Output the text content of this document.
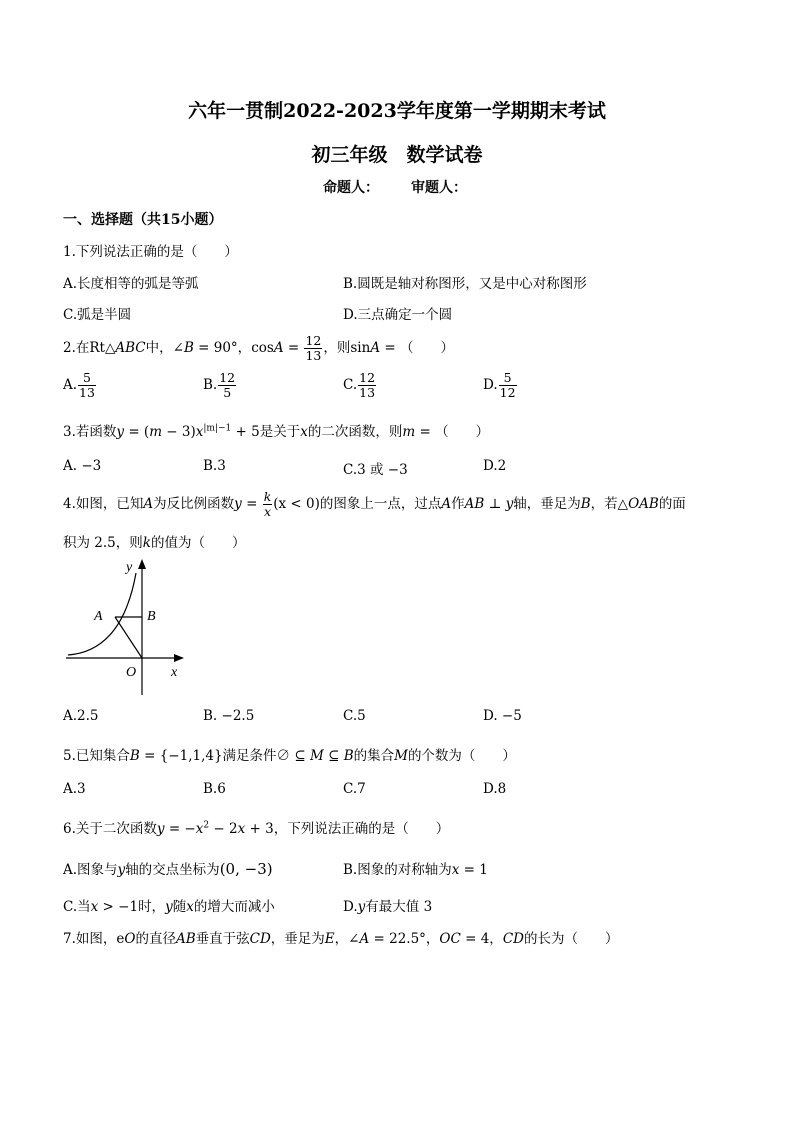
六年一贯制2022-2023学年度第一学期期末考试
初三年级　数学试卷
命题人： 审题人：
一、选择题（共15小题）
1.下列说法正确的是（　　）
A.长度相等的弧是等弧	B.圆既是轴对称图形，又是中心对称图形
C.弧是半圆	D.三点确定一个圆
2.在Rt△ABC中，∠B = 90°，$\cos A = \frac{12}{13}$ ，则sinA = （　　）
A. $\frac{5}{13}$	B. $\frac{12}{5}$	C. $\frac{12}{13}$	D. $\frac{5}{12}$
3.若函数$y = (m - 3)x^{|m|-1} + 5$是关于x的二次函数，则m = （　　）
A. −3	B.3	C.3 或 −3	D.2
4.如图，已知A为反比例函数$y = \frac{k}{x} (x < 0)$的图象上一点，过点A作AB ⊥ y轴，垂足为B，若△OAB的面
积为 2.5，则k的值为（　　）
y
A	B
O x
A.2.5	B. −2.5	C.5	D. −5
5.已知集合B = {−1,1,4}满足条件∅ ⊆ M ⊆ B的集合M的个数为（　　）
A.3	B.6	C.7	D.8
6.关于二次函数$y = -x^2 - 2x + 3$，下列说法正确的是（　　）
A.图象与y轴的交点坐标为(0, −3)	B.图象的对称轴为x = 1
C.当x > −1时，y随x的增大而减小	D.y有最大值 3
7.如图，eO的直径AB垂直于弦CD，垂足为E，∠A = 22.5°，OC = 4，CD的长为（　　）
